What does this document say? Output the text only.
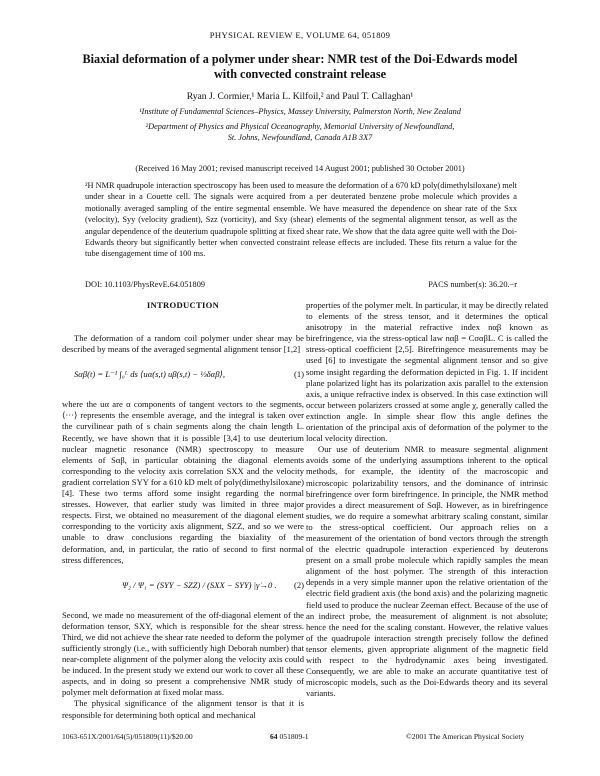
PHYSICAL REVIEW E, VOLUME 64, 051809
Biaxial deformation of a polymer under shear: NMR test of the Doi-Edwards model
with convected constraint release
Ryan J. Cormier,¹ Maria L. Kilfoil,² and Paul T. Callaghan¹
¹Institute of Fundamental Sciences–Physics, Massey University, Palmerston North, New Zealand
²Department of Physics and Physical Oceanography, Memorial University of Newfoundland,
St. Johns, Newfoundland, Canada A1B 3X7
(Received 16 May 2001; revised manuscript received 14 August 2001; published 30 October 2001)
²H NMR quadrupole interaction spectroscopy has been used to measure the deformation of a 670 kD poly(dimethylsiloxane) melt under shear in a Couette cell. The signals were acquired from a per deuterated benzene probe molecule which provides a motionally averaged sampling of the entire segmental ensemble. We have measured the dependence on shear rate of the Sxx (velocity), Syy (velocity gradient), Szz (vorticity), and Sxy (shear) elements of the segmental alignment tensor, as well as the angular dependence of the deuterium quadrupole splitting at fixed shear rate. We show that the data agree quite well with the Doi-Edwards theory but significantly better when convected constraint release effects are included. These fits return a value for the tube disengagement time of 100 ms.
DOI: 10.1103/PhysRevE.64.051809	PACS number(s): 36.20.−r
INTRODUCTION

The deformation of a random coil polymer under shear may be described by means of the averaged segmental alignment tensor [1,2]

Sαβ(t) = L⁻¹ ∫₀ᴸ ds ⟨uα(s,t) uβ(s,t) − ⅓δαβ⟩,	(1)

where the uα are α components of tangent vectors to the segments, ⟨···⟩ represents the ensemble average, and the integral is taken over the curvilinear path of s chain segments along the chain length L. Recently, we have shown that it is possible [3,4] to use deuterium nuclear magnetic resonance (NMR) spectroscopy to measure elements of Sαβ, in particular obtaining the diagonal elements corresponding to the velocity axis correlation SXX and the velocity gradient correlation SYY for a 610 kD melt of poly(dimethylsiloxane) [4]. These two terms afford some insight regarding the normal stresses. However, that earlier study was limited in three major respects. First, we obtained no measurement of the diagonal element corresponding to the vorticity axis alignment, SZZ, and so we were unable to draw conclusions regarding the biaxiality of the deformation, and, in particular, the ratio of second to first normal stress differences,

Ψ₂ / Ψ₁ = (SYY − SZZ) / (SXX − SYY) |γ̇→0 . (2)

Second, we made no measurement of the off-diagonal element of the deformation tensor, SXY, which is responsible for the shear stress. Third, we did not achieve the shear rate needed to deform the polymer sufficiently strongly (i.e., with sufficiently high Deborah number) that near-complete alignment of the polymer along the velocity axis could be induced. In the present study we extend our work to cover all these aspects, and in doing so present a comprehensive NMR study of polymer melt deformation at fixed molar mass.

The physical significance of the alignment tensor is that it is responsible for determining both optical and mechanical

properties of the polymer melt. In particular, it may be directly related to elements of the stress tensor, and it determines the optical anisotropy in the material refractive index nαβ known as birefringence, via the stress-optical law nαβ = CσαβL. C is called the stress-optical coefficient [2,5]. Birefringence measurements may be used [6] to investigate the segmental alignment tensor and so give some insight regarding the deformation depicted in Fig. 1. If incident plane polarized light has its polarization axis parallel to the extension axis, a unique refractive index is observed. In this case extinction will occur between polarizers crossed at some angle χ, generally called the extinction angle. In simple shear flow this angle defines the orientation of the principal axis of deformation of the polymer to the local velocity direction.

Our use of deuterium NMR to measure segmental alignment avoids some of the underlying assumptions inherent to the optical methods, for example, the identity of the macroscopic and microscopic polarizability tensors, and the dominance of intrinsic birefringence over form birefringence. In principle, the NMR method provides a direct measurement of Sαβ. However, as in birefringence studies, we do require a somewhat arbitrary scaling constant, similar to the stress-optical coefficient. Our approach relies on a measurement of the orientation of bond vectors through the strength of the electric quadrupole interaction experienced by deuterons present on a small probe molecule which rapidly samples the mean alignment of the host polymer. The strength of this interaction depends in a very simple manner upon the relative orientation of the electric field gradient axis (the bond axis) and the polarizing magnetic field used to produce the nuclear Zeeman effect. Because of the use of an indirect probe, the measurement of alignment is not absolute; hence the need for the scaling constant. However, the relative values of the quadrupole interaction strength precisely follow the defined tensor elements, given appropriate alignment of the magnetic field with respect to the hydrodynamic axes being investigated. Consequently, we are able to make an accurate quantitative test of microscopic models, such as the Doi-Edwards theory and its several variants.

1063-651X/2001/64(5)/051809(11)/$20.00	64 051809-1	©2001 The American Physical Society
